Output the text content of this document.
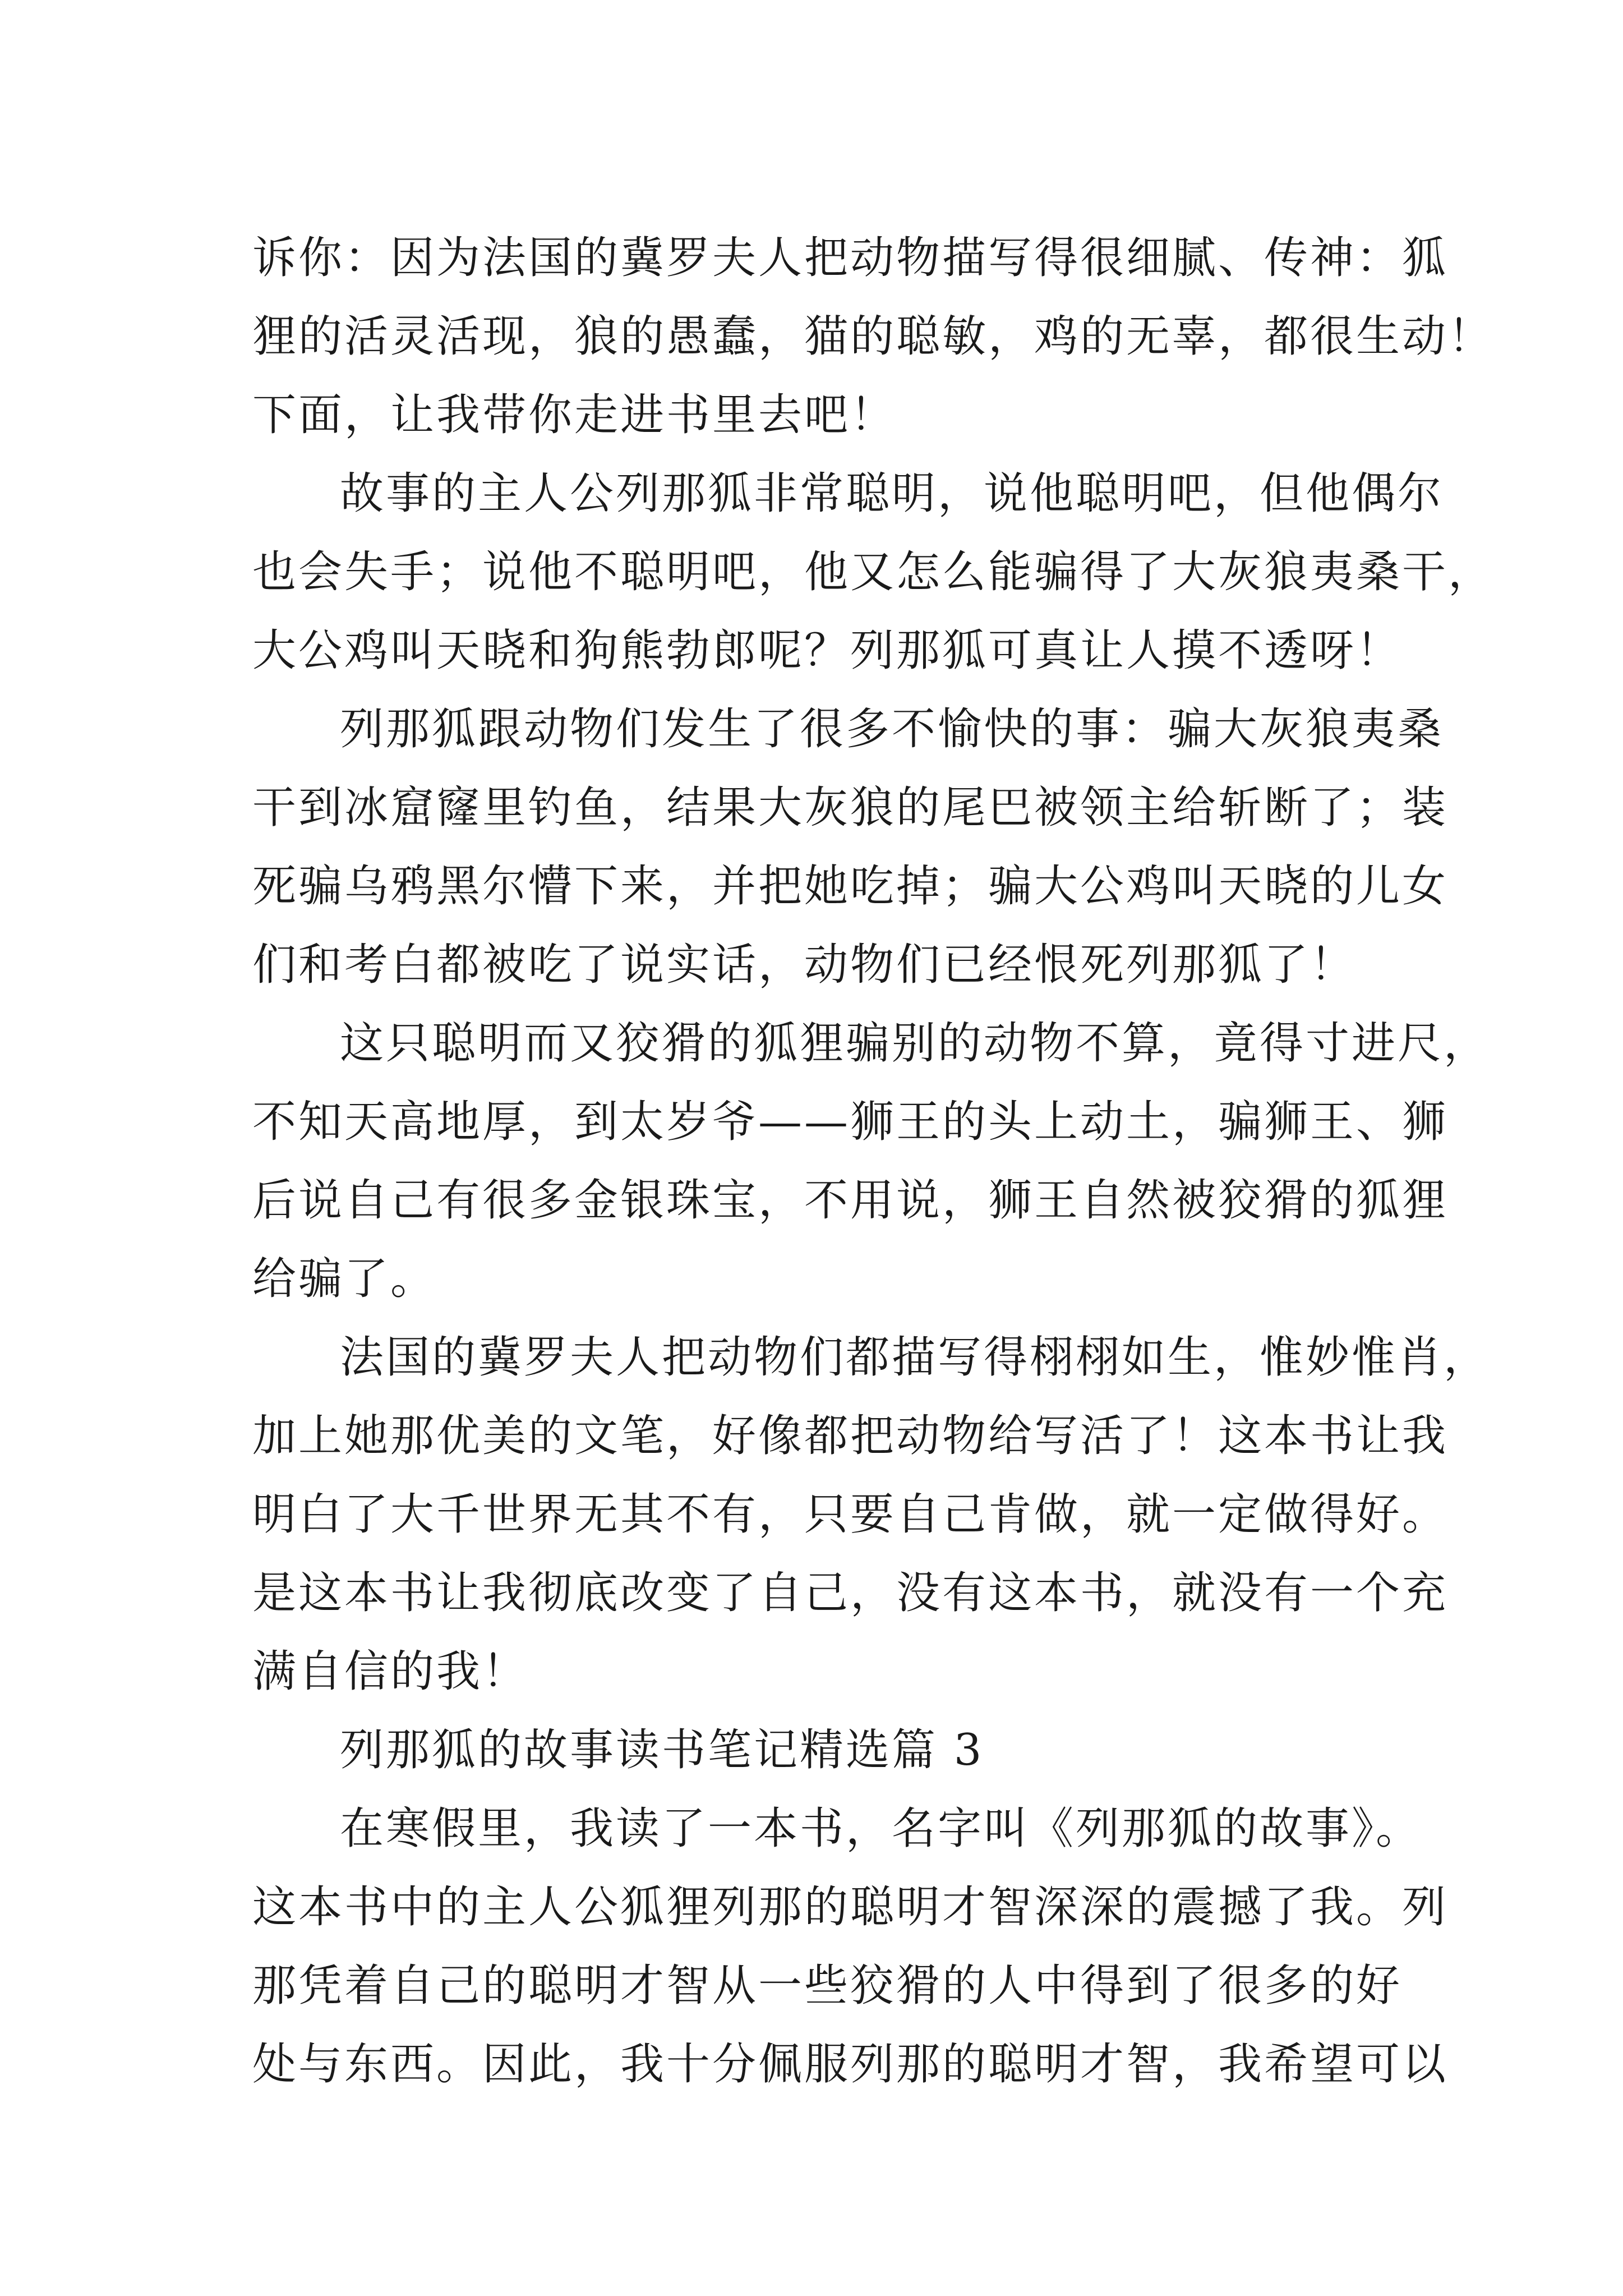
诉你：因为法国的冀罗夫人把动物描写得很细腻、传神：狐
狸的活灵活现，狼的愚蠢，猫的聪敏，鸡的无辜，都很生动！
下面，让我带你走进书里去吧！
故事的主人公列那狐非常聪明，说他聪明吧，但他偶尔
也会失手；说他不聪明吧，他又怎么能骗得了大灰狼夷桑干，
大公鸡叫天晓和狗熊勃郎呢？列那狐可真让人摸不透呀！
列那狐跟动物们发生了很多不愉快的事：骗大灰狼夷桑
干到冰窟窿里钓鱼，结果大灰狼的尾巴被领主给斩断了；装
死骗乌鸦黑尔懵下来，并把她吃掉；骗大公鸡叫天晓的儿女
们和考白都被吃了说实话，动物们已经恨死列那狐了！
这只聪明而又狡猾的狐狸骗别的动物不算，竟得寸进尺，
不知天高地厚，到太岁爷——狮王的头上动土，骗狮王、狮
后说自己有很多金银珠宝，不用说，狮王自然被狡猾的狐狸
给骗了。
法国的冀罗夫人把动物们都描写得栩栩如生，惟妙惟肖，
加上她那优美的文笔，好像都把动物给写活了！这本书让我
明白了大千世界无其不有，只要自己肯做，就一定做得好。
是这本书让我彻底改变了自己，没有这本书，就没有一个充
满自信的我！
列那狐的故事读书笔记精选篇 3
在寒假里，我读了一本书，名字叫《列那狐的故事》。
这本书中的主人公狐狸列那的聪明才智深深的震撼了我。列
那凭着自己的聪明才智从一些狡猾的人中得到了很多的好
处与东西。因此，我十分佩服列那的聪明才智，我希望可以
